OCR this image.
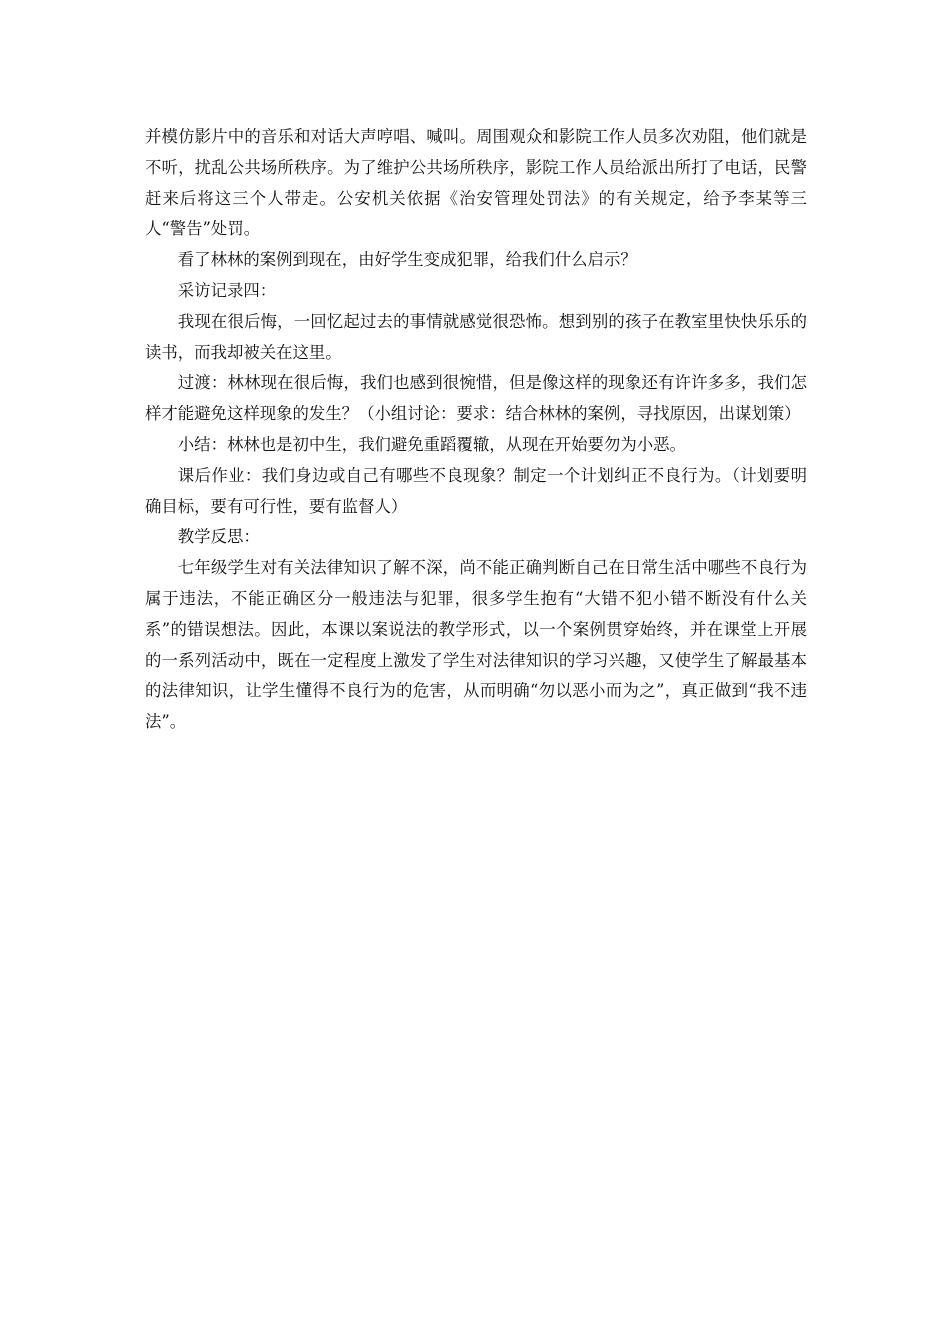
并模仿影片中的音乐和对话大声哼唱、喊叫。周围观众和影院工作人员多次劝阻，他们就是不听，扰乱公共场所秩序。为了维护公共场所秩序，影院工作人员给派出所打了电话，民警赶来后将这三个人带走。公安机关依据《治安管理处罚法》的有关规定，给予李某等三人“警告”处罚。

看了林林的案例到现在，由好学生变成犯罪，给我们什么启示？

采访记录四：

我现在很后悔，一回忆起过去的事情就感觉很恐怖。想到别的孩子在教室里快快乐乐的读书，而我却被关在这里。

过渡：林林现在很后悔，我们也感到很惋惜，但是像这样的现象还有许许多多，我们怎样才能避免这样现象的发生？（小组讨论：要求：结合林林的案例，寻找原因，出谋划策）

小结：林林也是初中生，我们避免重蹈覆辙，从现在开始要勿为小恶。

课后作业：我们身边或自己有哪些不良现象？制定一个计划纠正不良行为。（计划要明确目标，要有可行性，要有监督人）

教学反思：

七年级学生对有关法律知识了解不深，尚不能正确判断自己在日常生活中哪些不良行为属于违法，不能正确区分一般违法与犯罪，很多学生抱有“大错不犯小错不断没有什么关系”的错误想法。因此，本课以案说法的教学形式，以一个案例贯穿始终，并在课堂上开展的一系列活动中，既在一定程度上激发了学生对法律知识的学习兴趣，又使学生了解最基本的法律知识，让学生懂得不良行为的危害，从而明确“勿以恶小而为之”，真正做到“我不违法”。
